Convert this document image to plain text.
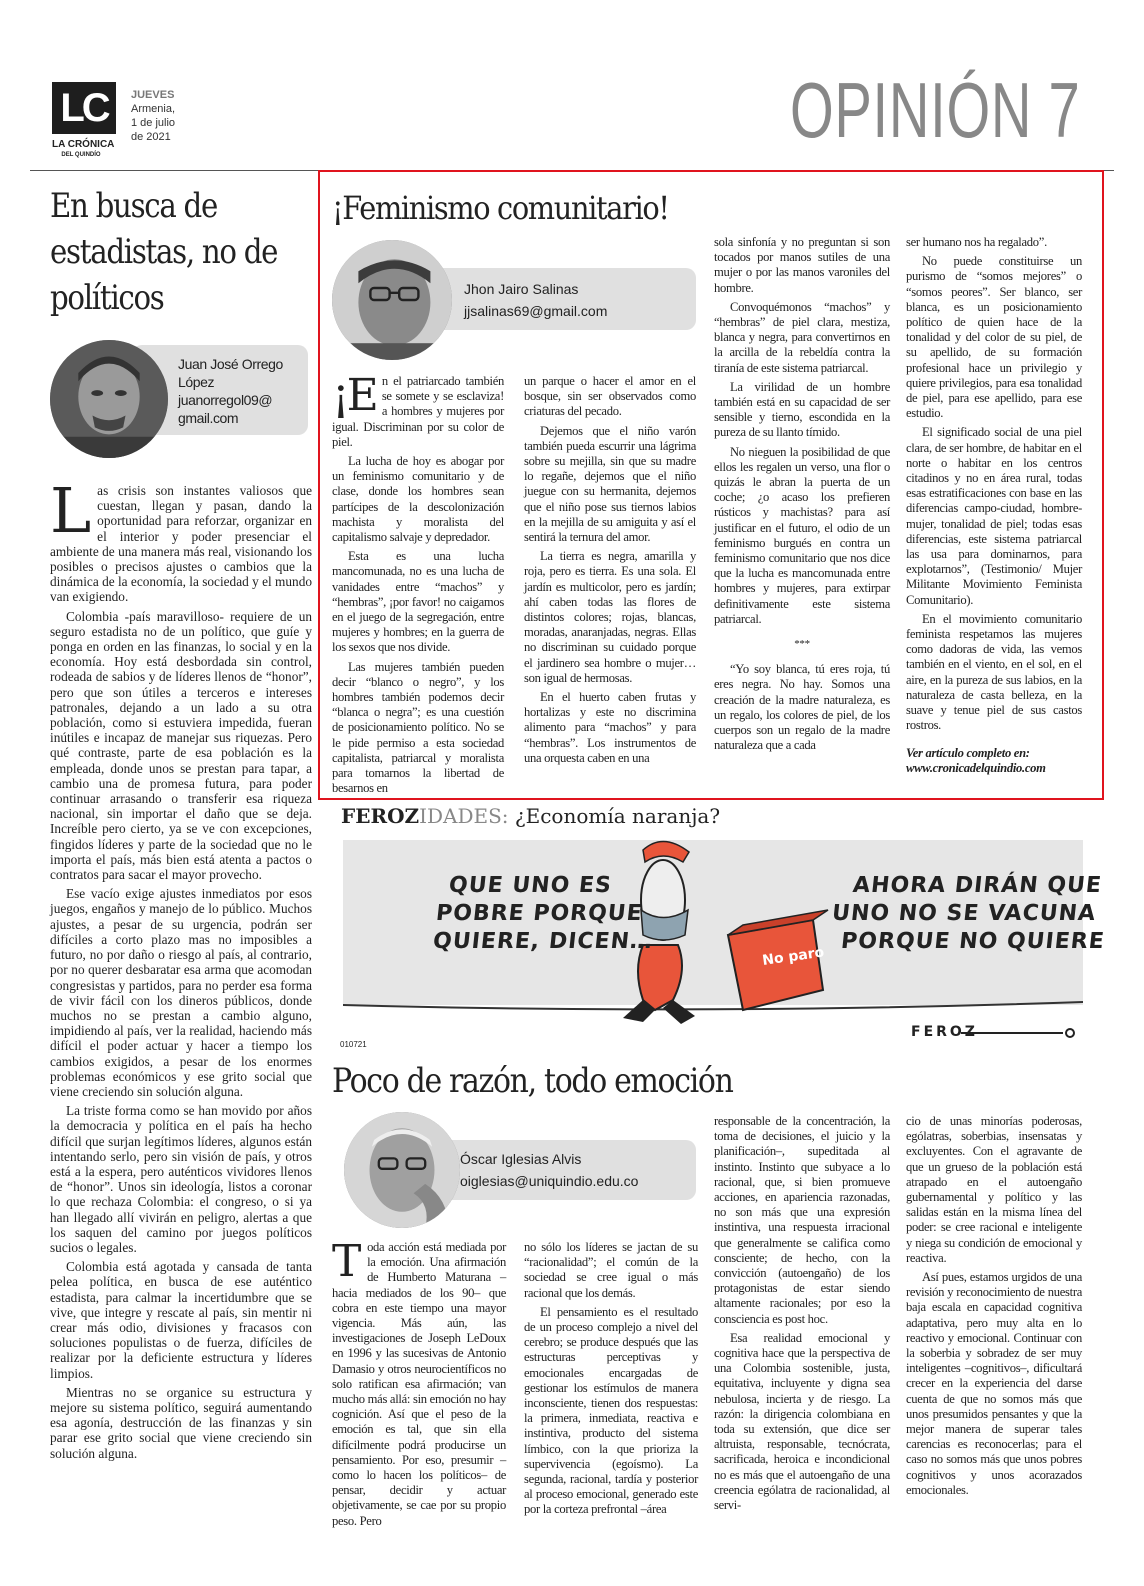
LC
LA CRÓNICA
DEL QUINDÍO
JUEVES
Armenia,
1 de julio
de 2021	OPINIÓN 7
En busca de
estadistas, no de
políticos
Juan José Orrego
López
juanorregol09@
gmail.com

Las crisis son instantes valiosos que cuestan, llegan y pasan, dando la oportunidad para reforzar, organizar en el interior y poder presenciar el ambiente de una manera más real, visionando los posibles o precisos ajustes o cambios que la dinámica de la economía, la sociedad y el mundo van exigiendo.

Colombia -país maravilloso- requiere de un seguro estadista no de un político, que guíe y ponga en orden en las finanzas, lo social y en la economía. Hoy está desbordada sin control, rodeada de sabios y de líderes llenos de “honor”, pero que son útiles a terceros e intereses patronales, dejando a un lado a su otra población, como si estuviera impedida, fueran inútiles e incapaz de manejar sus riquezas. Pero qué contraste, parte de esa población es la empleada, donde unos se prestan para tapar, a cambio una de promesa futura, para poder continuar arrasando o transferir esa riqueza nacional, sin importar el daño que se deja. Increíble pero cierto, ya se ve con excepciones, fingidos líderes y parte de la sociedad que no le importa el país, más bien está atenta a pactos o contratos para sacar el mayor provecho.

Ese vacío exige ajustes inmediatos por esos juegos, engaños y manejo de lo público. Muchos ajustes, a pesar de su urgencia, podrán ser difíciles a corto plazo mas no imposibles a futuro, no por daño o riesgo al país, al contrario, por no querer desbaratar esa arma que acomodan congresistas y partidos, para no perder esa forma de vivir fácil con los dineros públicos, donde muchos no se prestan a cambio alguno, impidiendo al país, ver la realidad, haciendo más difícil el poder actuar y hacer a tiempo los cambios exigidos, a pesar de los enormes problemas económicos y ese grito social que viene creciendo sin solución alguna.

La triste forma como se han movido por años la democracia y política en el país ha hecho difícil que surjan legítimos líderes, algunos están intentando serlo, pero sin visión de país, y otros está a la espera, pero auténticos vividores llenos de “honor”. Unos sin ideología, listos a coronar lo que rechaza Colombia: el congreso, o si ya han llegado allí vivirán en peligro, alertas a que los saquen del camino por juegos políticos sucios o legales.

Colombia está agotada y cansada de tanta pelea política, en busca de ese auténtico estadista, para calmar la incertidumbre que se vive, que integre y rescate al país, sin mentir ni crear más odio, divisiones y fracasos con soluciones populistas o de fuerza, difíciles de realizar por la deficiente estructura y líderes limpios.

Mientras no se organice su estructura y mejore su sistema político, seguirá aumentando esa agonía, destrucción de las finanzas y sin parar ese grito social que viene creciendo sin solución alguna.

¡Feminismo comunitario!
Jhon Jairo Salinas
jjsalinas69@gmail.com

¡E n el patriarcado también se somete y se esclaviza! a hombres y mujeres por igual. Discriminan por su color de piel.

La lucha de hoy es abogar por un feminismo comunitario y de clase, donde los hombres sean partícipes de la descolonización machista y moralista del capitalismo salvaje y depredador.

Esta es una lucha mancomunada, no es una lucha de vanidades entre “machos” y “hembras”, ¡por favor! no caigamos en el juego de la segregación, entre mujeres y hombres; en la guerra de los sexos que nos divide.

Las mujeres también pueden decir “blanco o negro”, y los hombres también podemos decir “blanca o negra”; es una cuestión de posicionamiento político. No se le pide permiso a esta sociedad capitalista, patriarcal y moralista para tomarnos la libertad de besarnos en

un parque o hacer el amor en el bosque, sin ser observados como criaturas del pecado.

Dejemos que el niño varón también pueda escurrir una lágrima sobre su mejilla, sin que su madre lo regañe, dejemos que el niño juegue con su hermanita, dejemos que el niño pose sus tiernos labios en la mejilla de su amiguita y así el sentirá la ternura del amor.

La tierra es negra, amarilla y roja, pero es tierra. Es una sola. El jardín es multicolor, pero es jardín; ahí caben todas las flores de distintos colores; rojas, blancas, moradas, anaranjadas, negras. Ellas no discriminan su cuidado porque el jardinero sea hombre o mujer… son igual de hermosas.

En el huerto caben frutas y hortalizas y este no discrimina alimento para “machos” y para “hembras”. Los instrumentos de una orquesta caben en una

sola sinfonía y no preguntan si son tocados por manos sutiles de una mujer o por las manos varoniles del hombre.

Convoquémonos “machos” y “hembras” de piel clara, mestiza, blanca y negra, para convertirnos en la arcilla de la rebeldía contra la tiranía de este sistema patriarcal.

La virilidad de un hombre también está en su capacidad de ser sensible y tierno, escondida en la pureza de su llanto tímido.

No nieguen la posibilidad de que ellos les regalen un verso, una flor o quizás le abran la puerta de un coche; ¿o acaso los prefieren rústicos y machistas? para así justificar en el futuro, el odio de un feminismo burgués en contra un feminismo comunitario que nos dice que la lucha es mancomunada entre hombres y mujeres, para extirpar definitivamente este sistema patriarcal.

***

“Yo soy blanca, tú eres roja, tú eres negra. No hay. Somos una creación de la madre naturaleza, es un regalo, los colores de piel, de los cuerpos son un regalo de la madre naturaleza que a cada

ser humano nos ha regalado”.

No puede constituirse un purismo de “somos mejores” o “somos peores”. Ser blanco, ser blanca, es un posicionamiento político de quien hace de la tonalidad y del color de su piel, de su apellido, de su formación profesional hace un privilegio y quiere privilegios, para esa tonalidad de piel, para ese apellido, para ese estudio.

El significado social de una piel clara, de ser hombre, de habitar en el norte o habitar en los centros citadinos y no en área rural, todas esas estratificaciones con base en las diferencias campo-ciudad, hombre-mujer, tonalidad de piel; todas esas diferencias, este sistema patriarcal las usa para dominarnos, para explotarnos”, (Testimonio/ Mujer Militante Movimiento Feminista Comunitario).

En el movimiento comunitario feminista respetamos las mujeres como dadoras de vida, las vemos también en el viento, en el sol, en el aire, en la pureza de sus labios, en la naturaleza de casta belleza, en la suave y tenue piel de sus castos rostros.

Ver artículo completo en:

www.cronicadelquindio.com

FEROZIDADES: ¿Economía naranja?
No paro
FEROZ
QUE UNO ES
POBRE PORQUE
QUIERE, DICEN…
AHORA DIRÁN QUE
UNO NO SE VACUNA
PORQUE NO QUIERE
010721
Poco de razón, todo emoción
Óscar Iglesias Alvis
oiglesias@uniquindio.edu.co

Toda acción está mediada por la emoción. Una afirmación de Humberto Maturana –hacia mediados de los 90– que cobra en este tiempo una mayor vigencia. Más aún, las investigaciones de Joseph LeDoux en 1996 y las sucesivas de Antonio Damasio y otros neurocientíficos no solo ratifican esa afirmación; van mucho más allá: sin emoción no hay cognición. Así que el peso de la emoción es tal, que sin ella difícilmente podrá producirse un pensamiento. Por eso, presumir –como lo hacen los políticos– de pensar, decidir y actuar objetivamente, se cae por su propio peso. Pero

no sólo los líderes se jactan de su “racionalidad”; el común de la sociedad se cree igual o más racional que los demás.

El pensamiento es el resultado de un proceso complejo a nivel del cerebro; se produce después que las estructuras perceptivas y emocionales encargadas de gestionar los estímulos de manera inconsciente, tienen dos respuestas: la primera, inmediata, reactiva e instintiva, producto del sistema límbico, con la que prioriza la supervivencia (egoísmo). La segunda, racional, tardía y posterior al proceso emocional, generado este por la corteza prefrontal –área

responsable de la concentración, la toma de decisiones, el juicio y la planificación–, supeditada al instinto. Instinto que subyace a lo racional, que, si bien promueve acciones, en apariencia razonadas, no son más que una expresión instintiva, una respuesta irracional que generalmente se califica como consciente; de hecho, con la convicción (autoengaño) de los protagonistas de estar siendo altamente racionales; por eso la consciencia es post hoc.

Esa realidad emocional y cognitiva hace que la perspectiva de una Colombia sostenible, justa, equitativa, incluyente y digna sea nebulosa, incierta y de riesgo. La razón: la dirigencia colombiana en toda su extensión, que dice ser altruista, responsable, tecnócrata, sacrificada, heroica e incondicional no es más que el autoengaño de una creencia ególatra de racionalidad, al servi-

cio de unas minorías poderosas, ególatras, soberbias, insensatas y excluyentes. Con el agravante de que un grueso de la población está atrapado en el autoengaño gubernamental y político y las salidas están en la misma línea del poder: se cree racional e inteligente y niega su condición de emocional y reactiva.

Así pues, estamos urgidos de una revisión y reconocimiento de nuestra baja escala en capacidad cognitiva adaptativa, pero muy alta en lo reactivo y emocional. Continuar con la soberbia y sobradez de ser muy inteligentes –cognitivos–, dificultará crecer en la experiencia del darse cuenta de que no somos más que unos presumidos pensantes y que la mejor manera de superar tales carencias es reconocerlas; para el caso no somos más que unos pobres cognitivos y unos acorazados emocionales.
